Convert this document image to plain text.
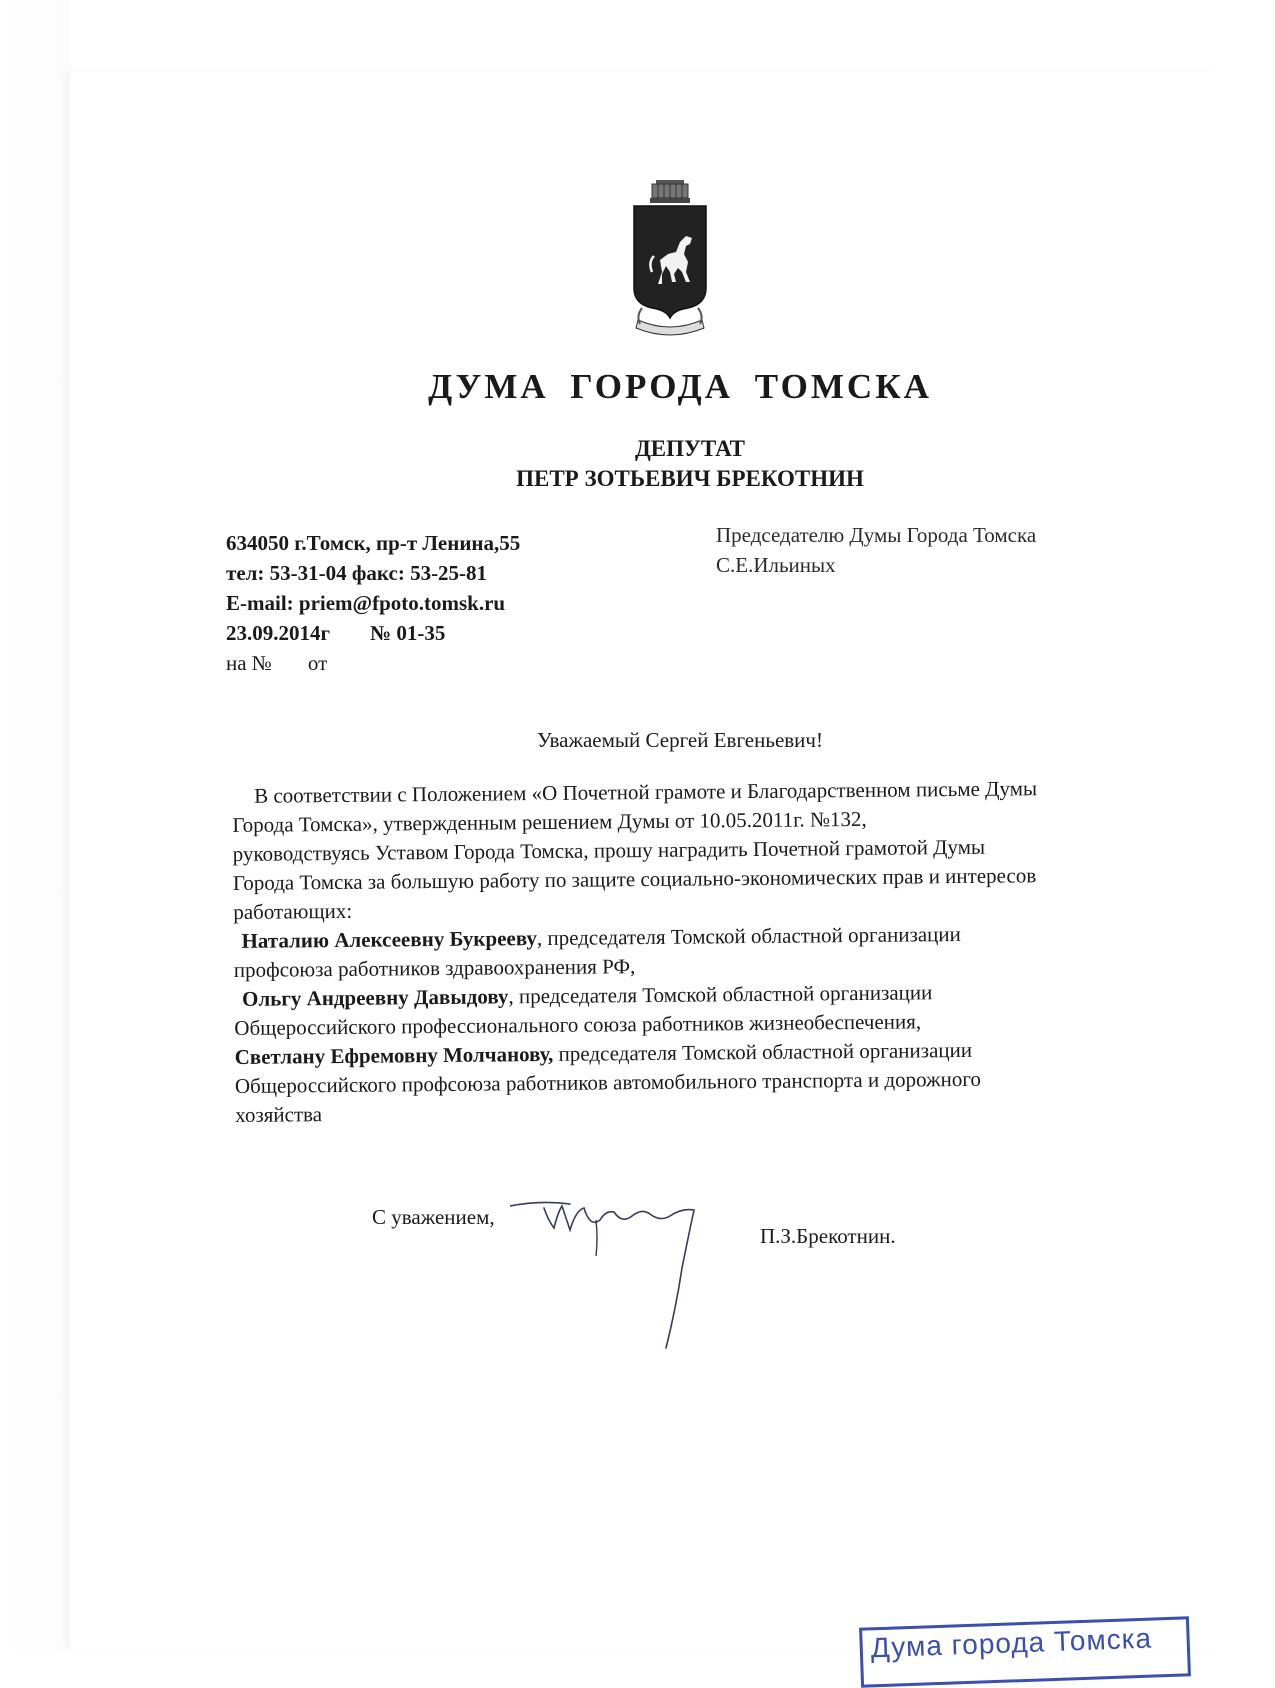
ДУМА ГОРОДА ТОМСКА
ДЕПУТАТ
ПЕТР ЗОТЬЕВИЧ БРЕКОТНИН
634050 г.Томск, пр-т Ленина,55
тел: 53-31-04 факс: 53-25-81
E-mail: priem@fpoto.tomsk.ru
23.09.2014г № 01-35
на № от
Председателю Думы Города Томска
С.Е.Ильиных
Уважаемый Сергей Евгеньевич!
В соответствии с Положением «О Почетной грамоте и Благодарственном письме Думы
Города Томска», утвержденным решением Думы от 10.05.2011г. №132,
руководствуясь Уставом Города Томска, прошу наградить Почетной грамотой Думы
Города Томска за большую работу по защите социально-экономических прав и интересов
работающих:
Наталию Алексеевну Букрееву, председателя Томской областной организации
профсоюза работников здравоохранения РФ,
Ольгу Андреевну Давыдову, председателя Томской областной организации
Общероссийского профессионального союза работников жизнеобеспечения,
Светлану Ефремовну Молчанову, председателя Томской областной организации
Общероссийского профсоюза работников автомобильного транспорта и дорожного
хозяйства
С уважением,
П.З.Брекотнин.
Дума города Томска
